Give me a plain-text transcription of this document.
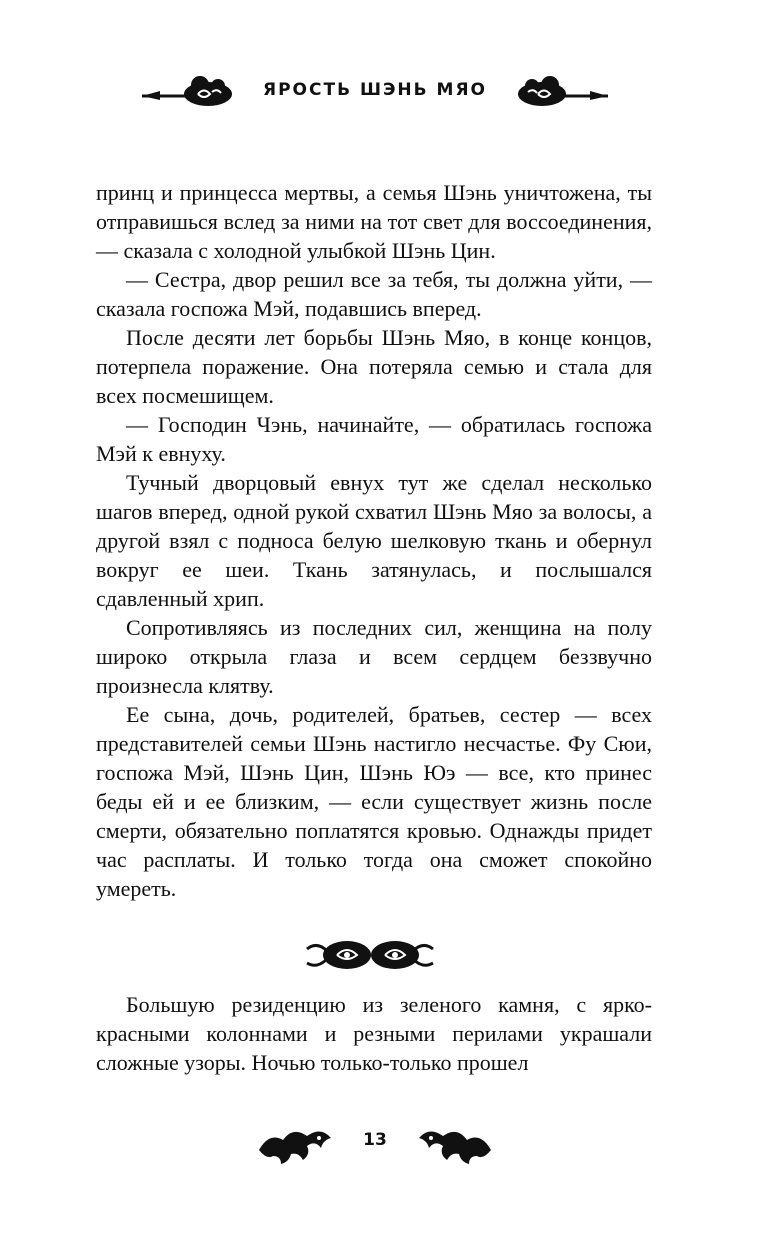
ЯРОСТЬ ШЭНЬ МЯО

принц и принцесса мертвы, а семья Шэнь уничтожена, ты отправишься вслед за ними на тот свет для воссоединения, — сказала с холодной улыбкой Шэнь Цин.

— Сестра, двор решил все за тебя, ты должна уйти, — сказала госпожа Мэй, подавшись вперед.

После десяти лет борьбы Шэнь Мяо, в конце концов, потерпела поражение. Она потеряла семью и стала для всех посмешищем.

— Господин Чэнь, начинайте, — обратилась госпожа Мэй к евнуху.

Тучный дворцовый евнух тут же сделал несколько шагов вперед, одной рукой схватил Шэнь Мяо за волосы, а другой взял с подноса белую шелковую ткань и обернул вокруг ее шеи. Ткань затянулась, и послышался сдавленный хрип.

Сопротивляясь из последних сил, женщина на полу широко открыла глаза и всем сердцем беззвучно произнесла клятву.

Ее сына, дочь, родителей, братьев, сестер — всех представителей семьи Шэнь настигло несчастье. Фу Сюи, госпожа Мэй, Шэнь Цин, Шэнь Юэ — все, кто принес беды ей и ее близким, — если существует жизнь после смерти, обязательно поплатятся кровью. Однажды придет час расплаты. И только тогда она сможет спокойно умереть.

Большую резиденцию из зеленого камня, с ярко-красными колоннами и резными перилами украшали сложные узоры. Ночью только-только прошел

13
